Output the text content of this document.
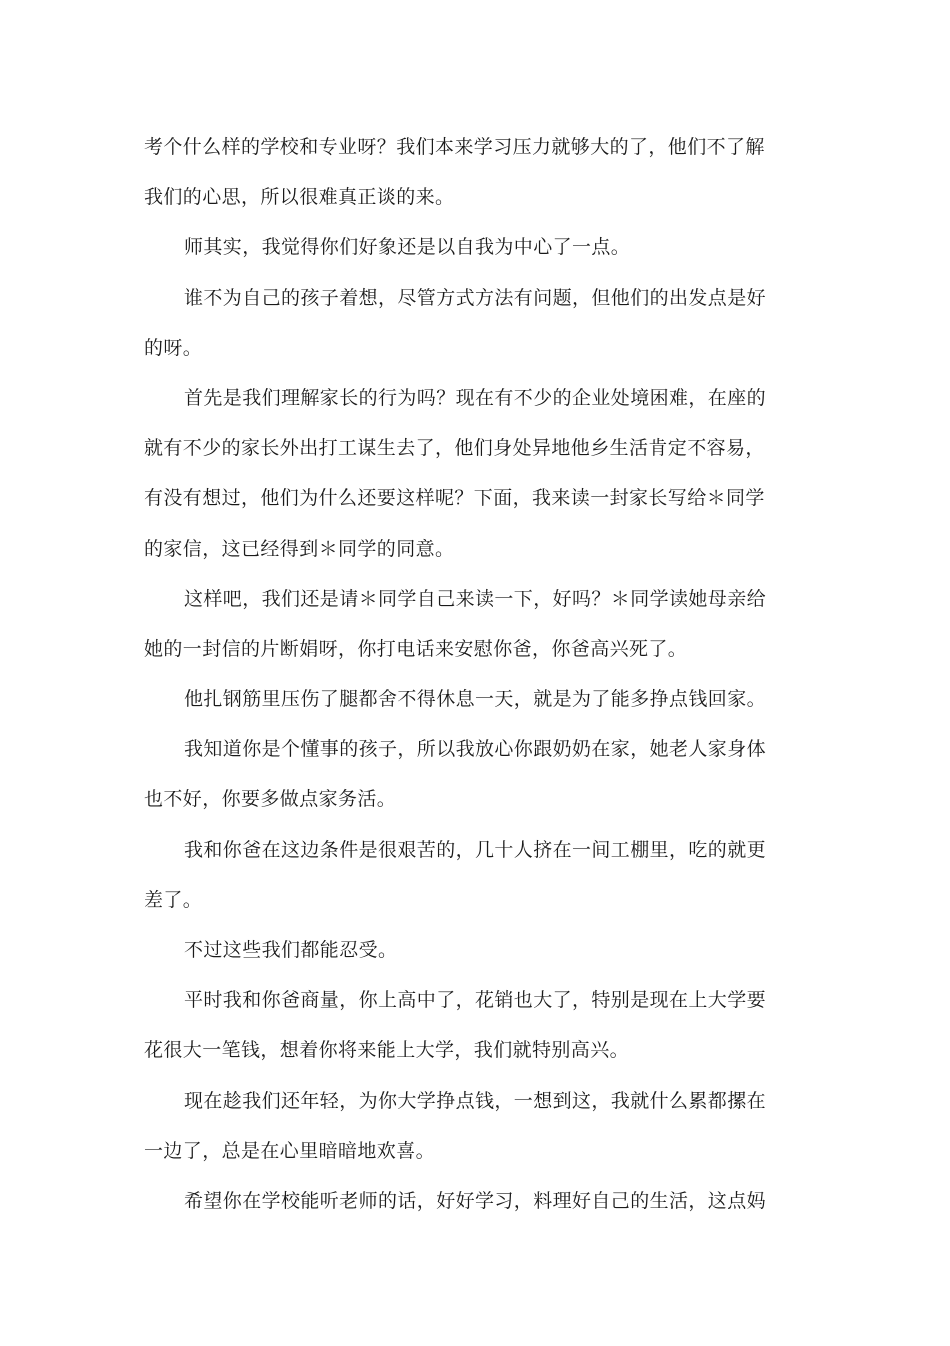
考个什么样的学校和专业呀？我们本来学习压力就够大的了，他们不了解
我们的心思，所以很难真正谈的来。
师其实，我觉得你们好象还是以自我为中心了一点。
谁不为自己的孩子着想，尽管方式方法有问题，但他们的出发点是好
的呀。
首先是我们理解家长的行为吗？现在有不少的企业处境困难，在座的
就有不少的家长外出打工谋生去了，他们身处异地他乡生活肯定不容易，
有没有想过，他们为什么还要这样呢？下面，我来读一封家长写给＊同学
的家信，这已经得到＊同学的同意。
这样吧，我们还是请＊同学自己来读一下，好吗？＊同学读她母亲给
她的一封信的片断娟呀，你打电话来安慰你爸，你爸高兴死了。
他扎钢筋里压伤了腿都舍不得休息一天，就是为了能多挣点钱回家。
我知道你是个懂事的孩子，所以我放心你跟奶奶在家，她老人家身体
也不好，你要多做点家务活。
我和你爸在这边条件是很艰苦的，几十人挤在一间工棚里，吃的就更
差了。
不过这些我们都能忍受。
平时我和你爸商量，你上高中了，花销也大了，特别是现在上大学要
花很大一笔钱，想着你将来能上大学，我们就特别高兴。
现在趁我们还年轻，为你大学挣点钱，一想到这，我就什么累都摞在
一边了，总是在心里暗暗地欢喜。
希望你在学校能听老师的话，好好学习，料理好自己的生活，这点妈
